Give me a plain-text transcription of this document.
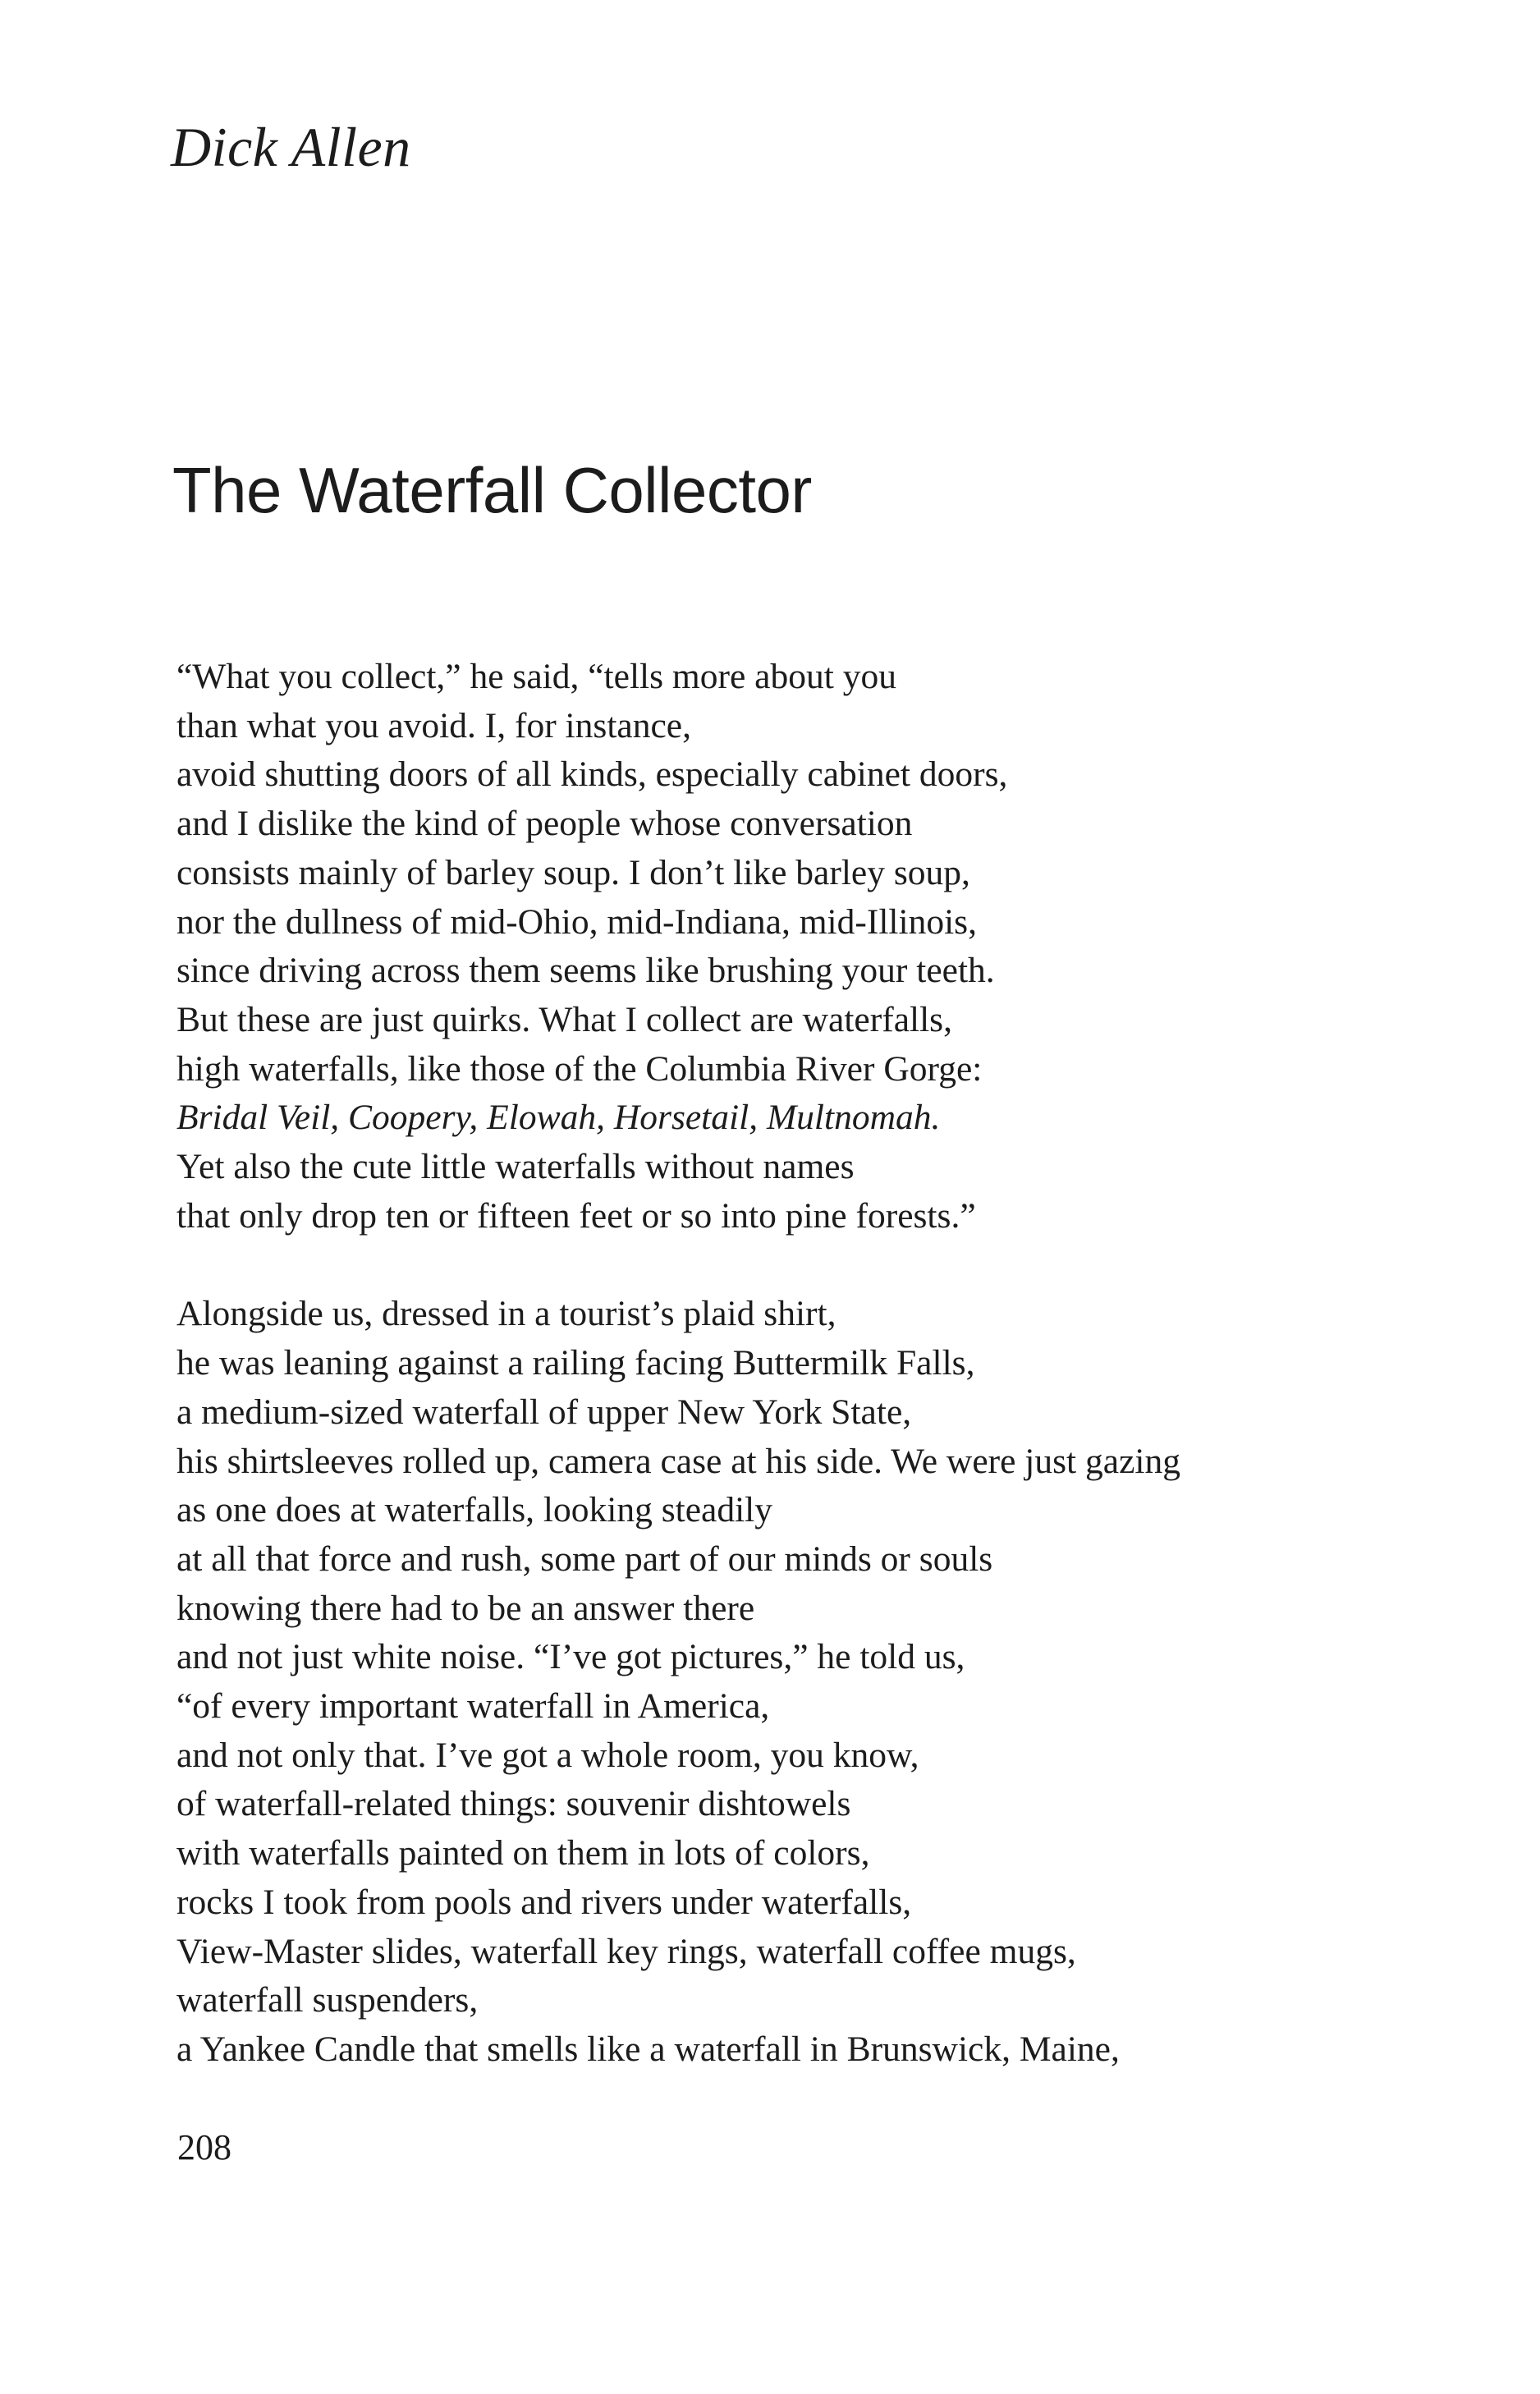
Dick Allen
The Waterfall Collector

“What you collect,” he said, “tells more about you
than what you avoid. I, for instance,
avoid shutting doors of all kinds, especially cabinet doors,
and I dislike the kind of people whose conversation
consists mainly of barley soup. I don’t like barley soup,
nor the dullness of mid-Ohio, mid-Indiana, mid-Illinois,
since driving across them seems like brushing your teeth.
But these are just quirks. What I collect are waterfalls,
high waterfalls, like those of the Columbia River Gorge:
Bridal Veil, Coopery, Elowah, Horsetail, Multnomah.
Yet also the cute little waterfalls without names
that only drop ten or fifteen feet or so into pine forests.”

Alongside us, dressed in a tourist’s plaid shirt,
he was leaning against a railing facing Buttermilk Falls,
a medium-sized waterfall of upper New York State,
his shirtsleeves rolled up, camera case at his side. We were just gazing
as one does at waterfalls, looking steadily
at all that force and rush, some part of our minds or souls
knowing there had to be an answer there
and not just white noise. “I’ve got pictures,” he told us,
“of every important waterfall in America,
and not only that. I’ve got a whole room, you know,
of waterfall-related things: souvenir dishtowels
with waterfalls painted on them in lots of colors,
rocks I took from pools and rivers under waterfalls,
View-Master slides, waterfall key rings, waterfall coffee mugs,
waterfall suspenders,
a Yankee Candle that smells like a waterfall in Brunswick, Maine,

208
